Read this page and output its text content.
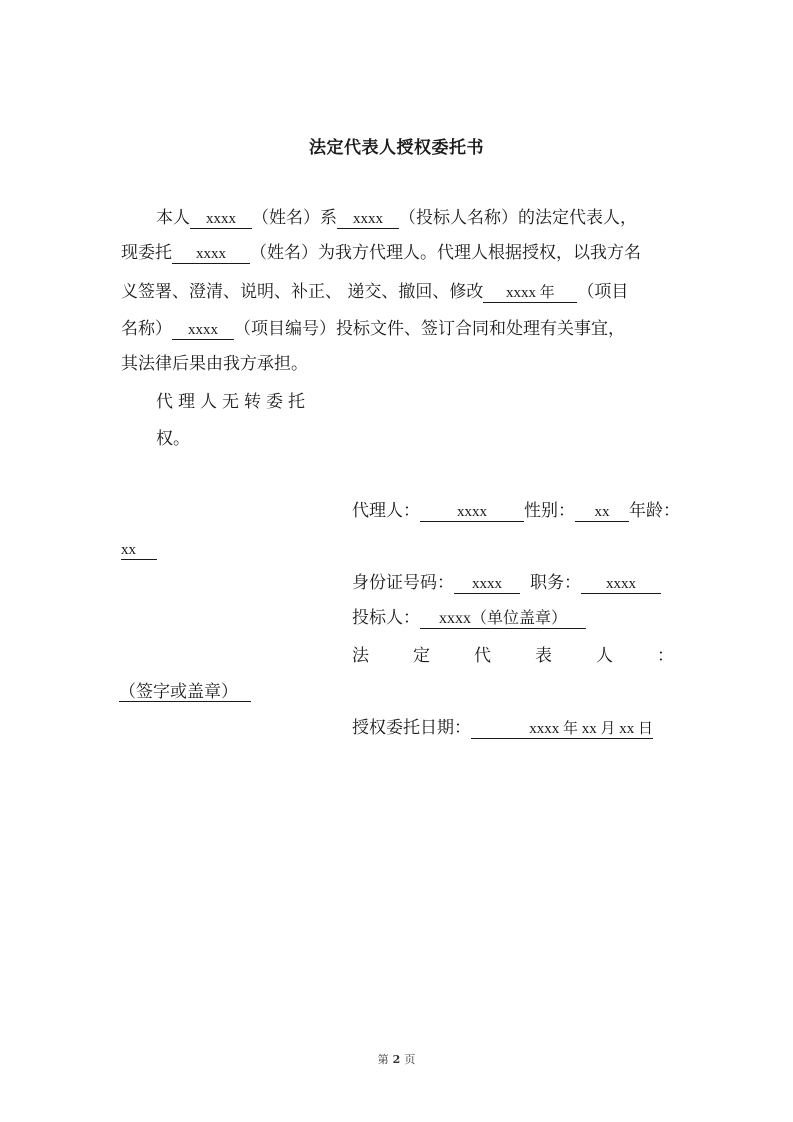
法定代表人授权委托书
本人 xxxx （姓名）系 xxxx （投标人名称）的法定代表人，
现委托 xxxx （姓名）为我方代理人。代理人根据授权，以我方名
义签署、澄清、说明、补正、 递交、撤回、修改 xxxx 年 （项目
名称） xxxx （项目编号）投标文件、签订合同和处理有关事宜，
其法律后果由我方承担。
代理人无转委托
权。
代理人： xxxx 性别： xx 年龄：
xx
身份证号码： xxxx 职务： xxxx
投标人： xxxx（单位盖章）
法	定	代	表	人	：
（签字或盖章）
授权委托日期：	xxxx 年 xx 月 xx 日
第 2 页
